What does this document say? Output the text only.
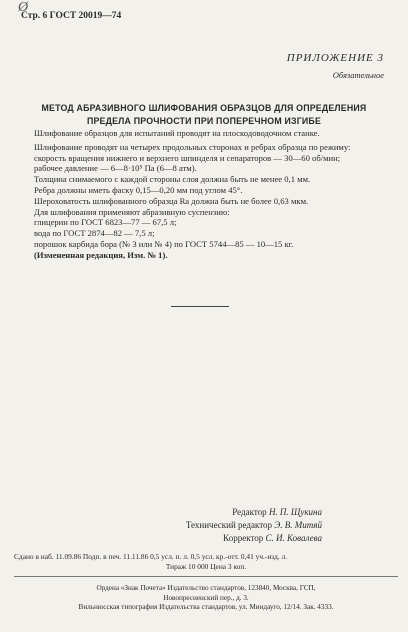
Ø
Стр. 6 ГОСТ 20019—74
ПРИЛОЖЕНИЕ 3
Обязательное
МЕТОД АБРАЗИВНОГО ШЛИФОВАНИЯ ОБРАЗЦОВ ДЛЯ ОПРЕДЕЛЕНИЯ
ПРЕДЕЛА ПРОЧНОСТИ ПРИ ПОПЕРЕЧНОМ ИЗГИБЕ

Шлифование образцов для испытаний проводят на плоскодоводочном станке.

Шлифование проводят на четырех продольных сторонах и ребрах образца по режиму:

скорость вращения нижнего и верхнего шпинделя и сепараторов — 30—60 об/мин;

рабочее давление — 6—8·10⁵ Па (6—8 атм).

Толщина снимаемого с каждой стороны слоя должна быть не менее 0,1 мм.

Ребра должны иметь фаску 0,15—0,20 мм под углом 45°.

Шероховатость шлифованного образца Ra должна быть не более 0,63 мкм.

Для шлифования применяют абразивную суспензию:

глицерин по ГОСТ 6823—77 — 67,5 л;

вода по ГОСТ 2874—82 — 7,5 л;

порошок карбида бора (№ 3 или № 4) по ГОСТ 5744—85 — 10—15 кг.

(Измененная редакция, Изм. № 1).

Редактор Н. П. Щукина
Технический редактор Э. В. Митяй
Корректор С. И. Ковалева
Сдано в наб. 11.09.86 Подп. в печ. 11.11.86 0,5 усл. п. л. 0,5 усл. кр.-отт. 0,41 уч.-изд. л.
Тираж 10 000 Цена 3 коп.
Ордена «Знак Почета» Издательство стандартов, 123840, Москва, ГСП,
Новопресненский пер., д. 3.
Вильнюсская типография Издательства стандартов, ул. Миндауго, 12/14. Зак. 4333.
